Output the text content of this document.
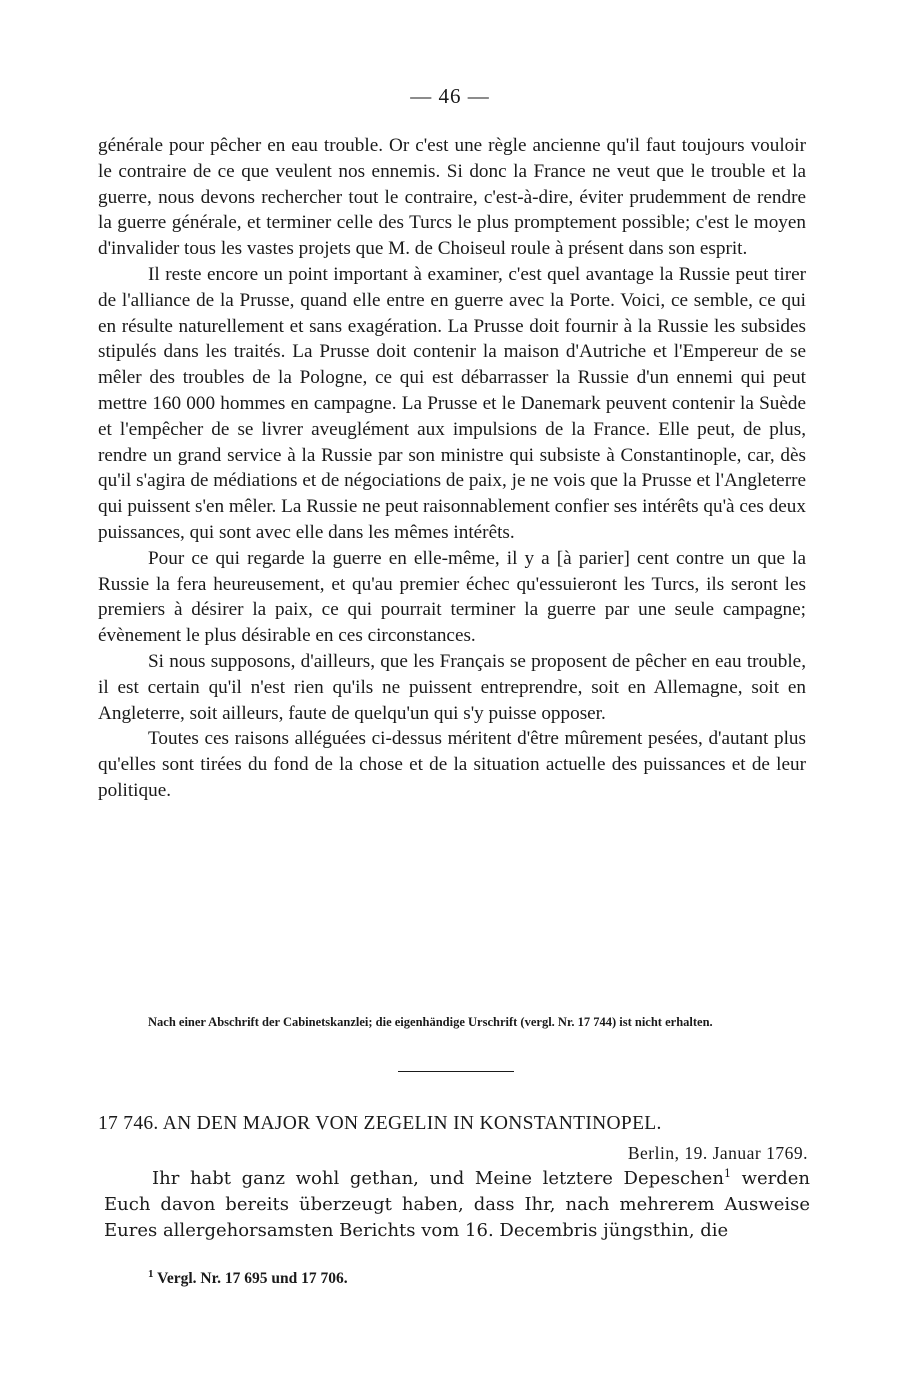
— 46 —

générale pour pêcher en eau trouble. Or c'est une règle ancienne qu'il faut toujours vouloir le contraire de ce que veulent nos ennemis. Si donc la France ne veut que le trouble et la guerre, nous devons rechercher tout le contraire, c'est-à-dire, éviter prudemment de rendre la guerre générale, et terminer celle des Turcs le plus promptement possible; c'est le moyen d'invalider tous les vastes projets que M. de Choiseul roule à présent dans son esprit.

Il reste encore un point important à examiner, c'est quel avantage la Russie peut tirer de l'alliance de la Prusse, quand elle entre en guerre avec la Porte. Voici, ce semble, ce qui en résulte naturellement et sans exagération. La Prusse doit fournir à la Russie les subsides stipulés dans les traités. La Prusse doit contenir la maison d'Autriche et l'Empereur de se mêler des troubles de la Pologne, ce qui est débarrasser la Russie d'un ennemi qui peut mettre 160 000 hommes en campagne. La Prusse et le Danemark peuvent contenir la Suède et l'empêcher de se livrer aveuglément aux impulsions de la France. Elle peut, de plus, rendre un grand service à la Russie par son ministre qui subsiste à Constantinople, car, dès qu'il s'agira de médiations et de négociations de paix, je ne vois que la Prusse et l'Angleterre qui puissent s'en mêler. La Russie ne peut raisonnablement confier ses intérêts qu'à ces deux puissances, qui sont avec elle dans les mêmes intérêts.

Pour ce qui regarde la guerre en elle-même, il y a [à parier] cent contre un que la Russie la fera heureusement, et qu'au premier échec qu'essuieront les Turcs, ils seront les premiers à désirer la paix, ce qui pourrait terminer la guerre par une seule campagne; évènement le plus désirable en ces circonstances.

Si nous supposons, d'ailleurs, que les Français se proposent de pêcher en eau trouble, il est certain qu'il n'est rien qu'ils ne puissent entreprendre, soit en Allemagne, soit en Angleterre, soit ailleurs, faute de quelqu'un qui s'y puisse opposer.

Toutes ces raisons alléguées ci-dessus méritent d'être mûrement pesées, d'autant plus qu'elles sont tirées du fond de la chose et de la situation actuelle des puissances et de leur politique.

Nach einer Abschrift der Cabinetskanzlei; die eigenhändige Urschrift (vergl. Nr. 17 744) ist nicht erhalten.
17 746. AN DEN MAJOR VON ZEGELIN IN KONSTANTINOPEL.
Berlin, 19. Januar 1769.

Ihr habt ganz wohl gethan, und Meine letztere Depeschen$^1$ werden Euch davon bereits überzeugt haben, dass Ihr, nach mehrerem Ausweise Eures allergehorsamsten Berichts vom 16. Decembris jüngsthin, die

$^1$ Vergl. Nr. 17 695 und 17 706.
